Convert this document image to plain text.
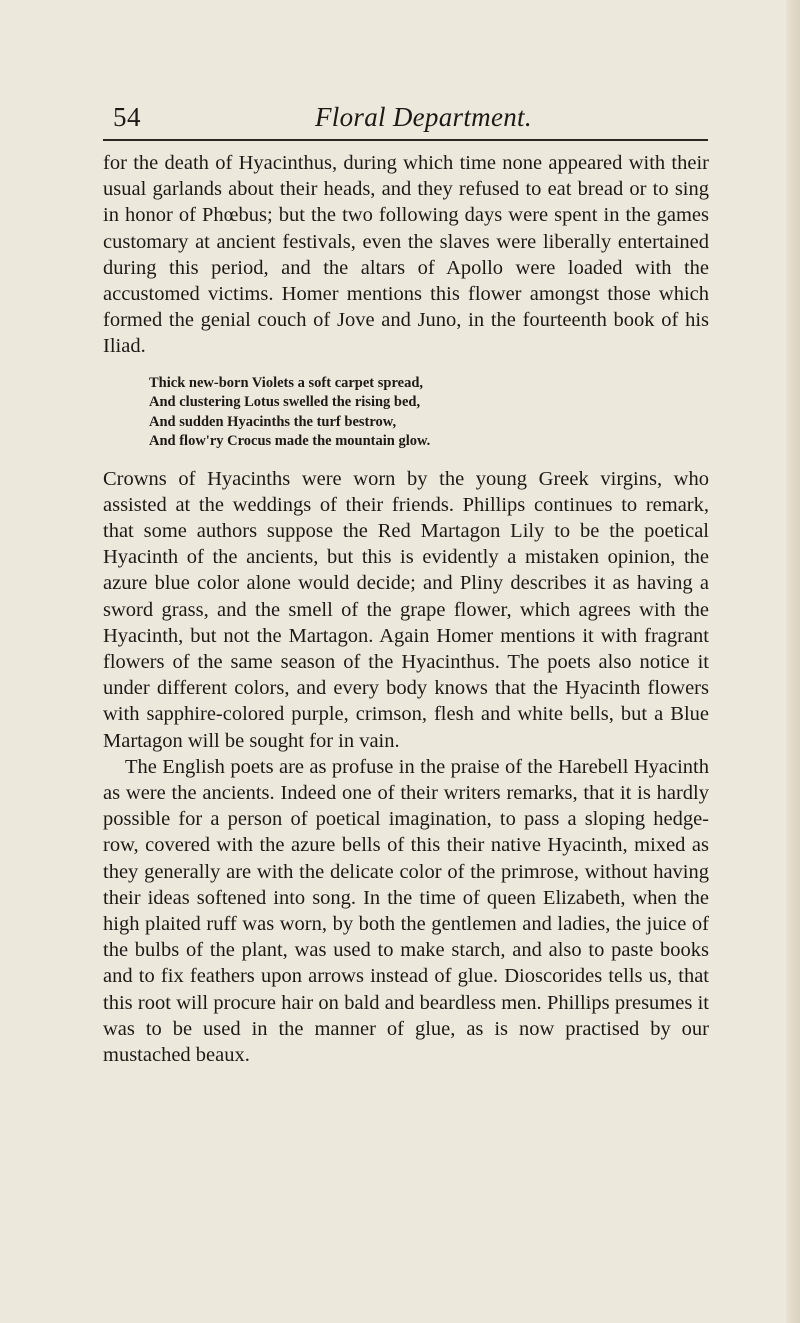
54	Floral Department.

for the death of Hyacinthus, during which time none appeared with their usual garlands about their heads, and they refused to eat bread or to sing in honor of Phœbus; but the two following days were spent in the games customary at ancient festivals, even the slaves were liberally entertained during this period, and the altars of Apollo were loaded with the accustomed victims. Homer mentions this flower amongst those which formed the genial couch of Jove and Juno, in the fourteenth book of his Iliad.

Thick new-born Violets a soft carpet spread,
And clustering Lotus swelled the rising bed,
And sudden Hyacinths the turf bestrow,
And flow'ry Crocus made the mountain glow.

Crowns of Hyacinths were worn by the young Greek virgins, who assisted at the weddings of their friends. Phillips continues to remark, that some authors suppose the Red Martagon Lily to be the poetical Hyacinth of the ancients, but this is evidently a mistaken opinion, the azure blue color alone would decide; and Pliny describes it as having a sword grass, and the smell of the grape flower, which agrees with the Hyacinth, but not the Martagon. Again Homer mentions it with fragrant flowers of the same season of the Hyacinthus. The poets also notice it under different colors, and every body knows that the Hyacinth flowers with sapphire-colored purple, crimson, flesh and white bells, but a Blue Martagon will be sought for in vain.

The English poets are as profuse in the praise of the Harebell Hyacinth as were the ancients. Indeed one of their writers remarks, that it is hardly possible for a person of poetical imagination, to pass a sloping hedge-row, covered with the azure bells of this their native Hyacinth, mixed as they generally are with the delicate color of the primrose, without having their ideas softened into song. In the time of queen Elizabeth, when the high plaited ruff was worn, by both the gentlemen and ladies, the juice of the bulbs of the plant, was used to make starch, and also to paste books and to fix feathers upon arrows instead of glue. Dioscorides tells us, that this root will procure hair on bald and beardless men. Phillips presumes it was to be used in the manner of glue, as is now practised by our mustached beaux.
